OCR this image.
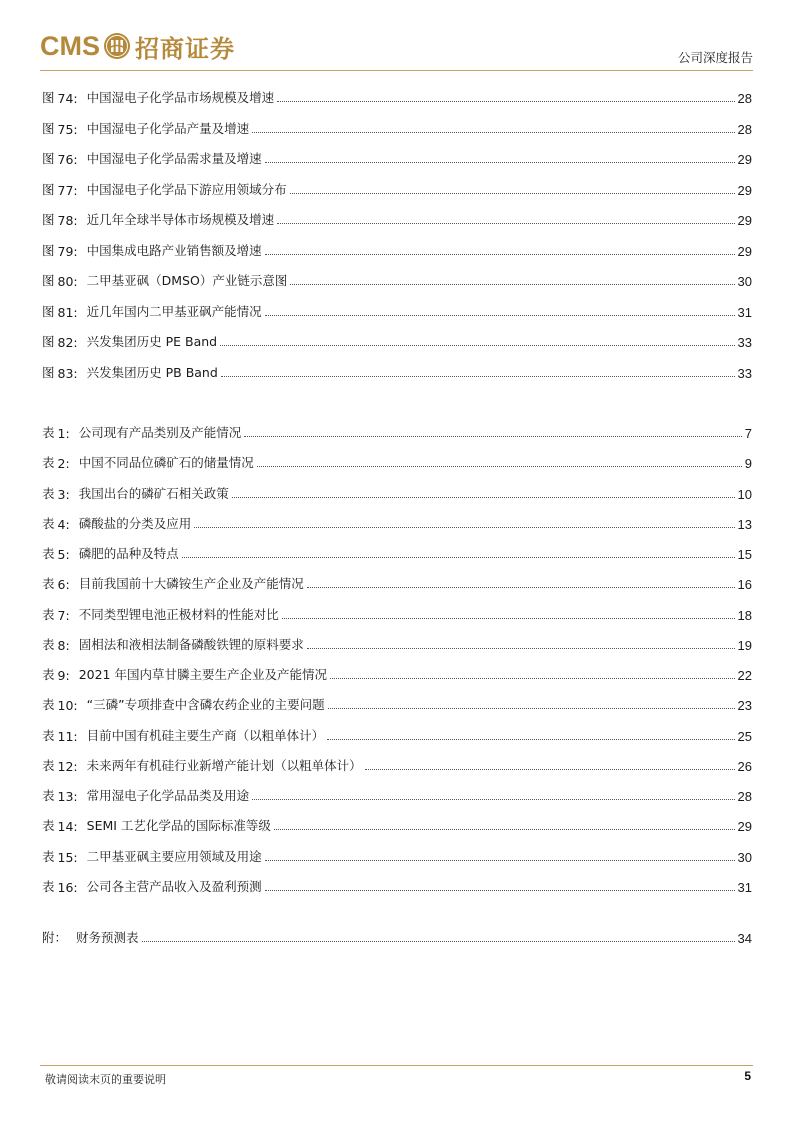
CMS 招商证券	公司深度报告
图 74: 中国湿电子化学品市场规模及增速	28
图 75: 中国湿电子化学品产量及增速	28
图 76: 中国湿电子化学品需求量及增速	29
图 77: 中国湿电子化学品下游应用领域分布	29
图 78: 近几年全球半导体市场规模及增速	29
图 79: 中国集成电路产业销售额及增速	29
图 80: 二甲基亚砜（DMSO）产业链示意图	30
图 81: 近几年国内二甲基亚砜产能情况	31
图 82: 兴发集团历史 PE Band	33
图 83: 兴发集团历史 PB Band	33
表 1: 公司现有产品类别及产能情况	7
表 2: 中国不同品位磷矿石的储量情况	9
表 3: 我国出台的磷矿石相关政策	10
表 4: 磷酸盐的分类及应用	13
表 5: 磷肥的品种及特点	15
表 6: 目前我国前十大磷铵生产企业及产能情况	16
表 7: 不同类型锂电池正极材料的性能对比	18
表 8: 固相法和液相法制备磷酸铁锂的原料要求	19
表 9: 2021 年国内草甘膦主要生产企业及产能情况	22
表 10: “三磷”专项排查中含磷农药企业的主要问题	23
表 11: 目前中国有机硅主要生产商（以粗单体计）	25
表 12: 未来两年有机硅行业新增产能计划（以粗单体计）	26
表 13: 常用湿电子化学品品类及用途	28
表 14: SEMI 工艺化学品的国际标准等级	29
表 15: 二甲基亚砜主要应用领域及用途	30
表 16: 公司各主营产品收入及盈利预测	31
附： 财务预测表	34
敬请阅读末页的重要说明	5
